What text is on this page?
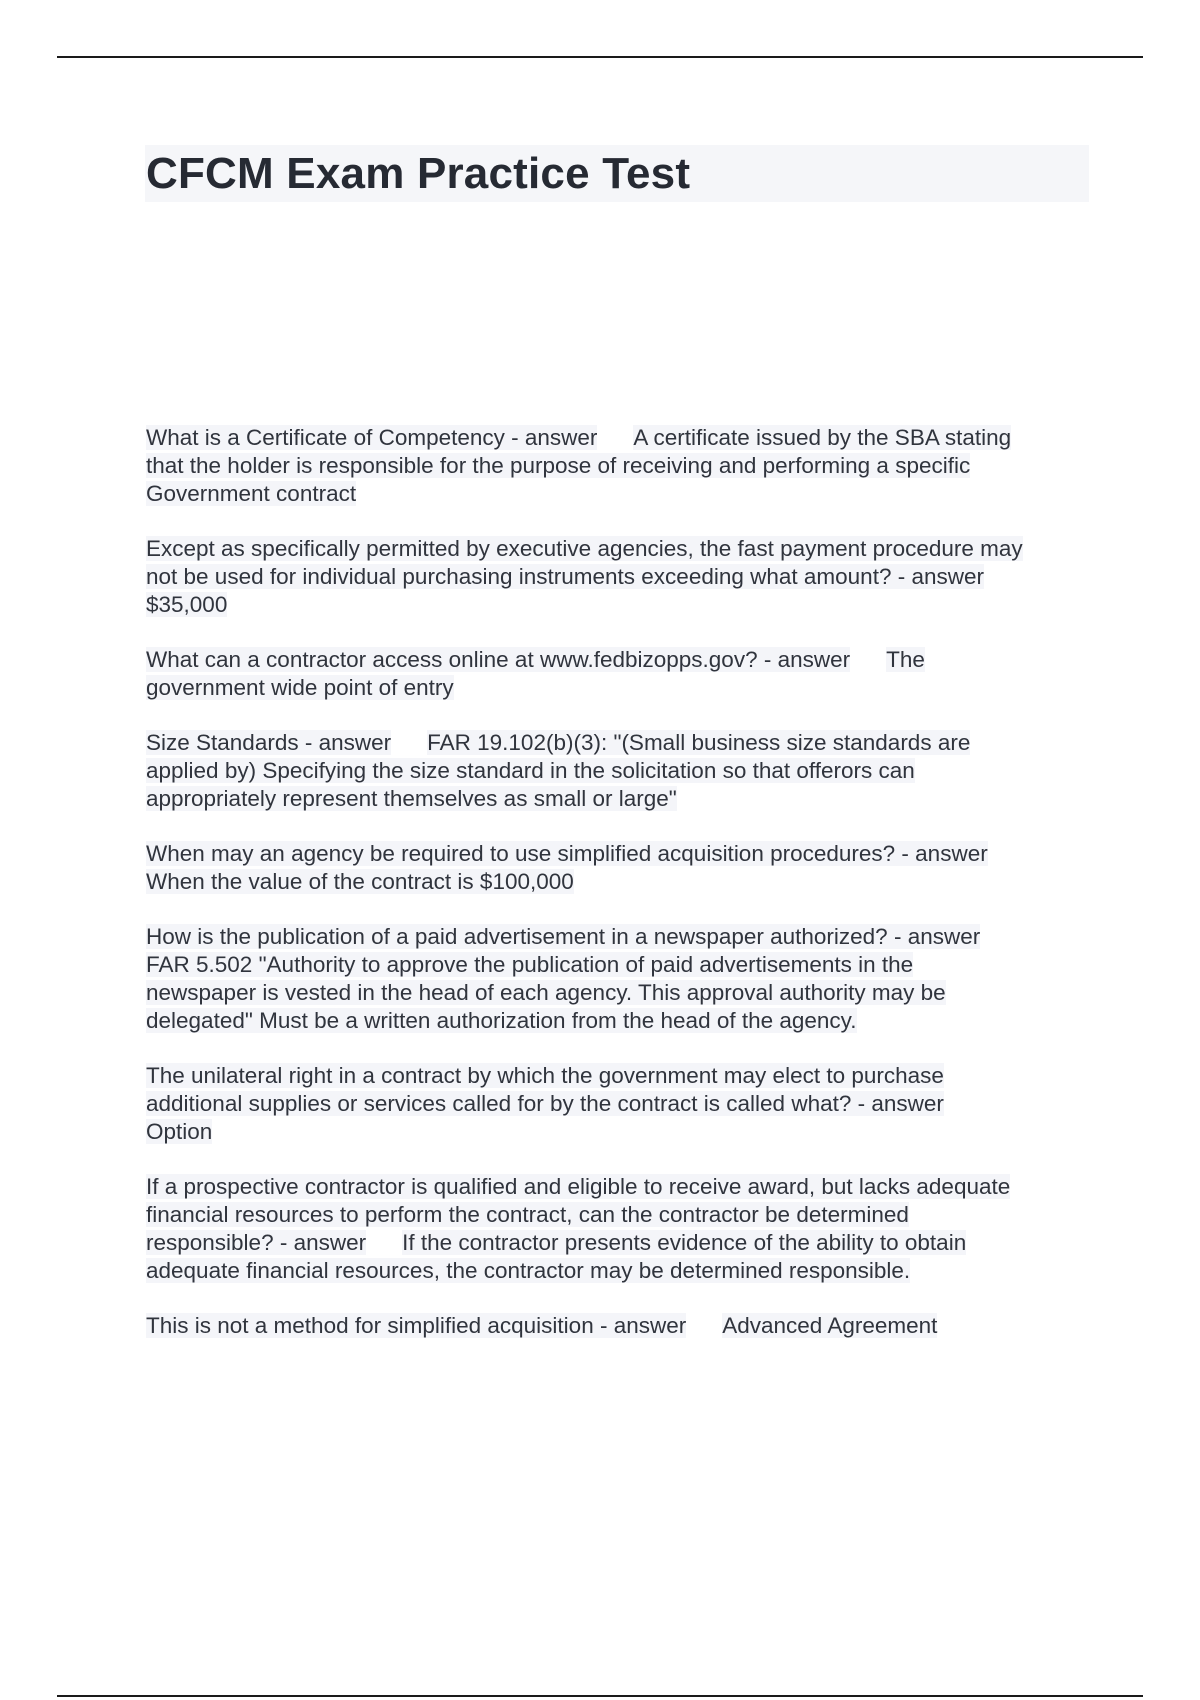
CFCM Exam Practice Test

What is a Certificate of Competency - answer A certificate issued by the SBA stating
that the holder is responsible for the purpose of receiving and performing a specific
Government contract

Except as specifically permitted by executive agencies, the fast payment procedure may
not be used for individual purchasing instruments exceeding what amount? - answer
$35,000

What can a contractor access online at www.fedbizopps.gov? - answer The
government wide point of entry

Size Standards - answer FAR 19.102(b)(3): "(Small business size standards are
applied by) Specifying the size standard in the solicitation so that offerors can
appropriately represent themselves as small or large"

When may an agency be required to use simplified acquisition procedures? - answer
When the value of the contract is $100,000

How is the publication of a paid advertisement in a newspaper authorized? - answer
FAR 5.502 "Authority to approve the publication of paid advertisements in the
newspaper is vested in the head of each agency. This approval authority may be
delegated" Must be a written authorization from the head of the agency.

The unilateral right in a contract by which the government may elect to purchase
additional supplies or services called for by the contract is called what? - answer
Option

If a prospective contractor is qualified and eligible to receive award, but lacks adequate
financial resources to perform the contract, can the contractor be determined
responsible? - answer If the contractor presents evidence of the ability to obtain
adequate financial resources, the contractor may be determined responsible.

This is not a method for simplified acquisition - answer Advanced Agreement
